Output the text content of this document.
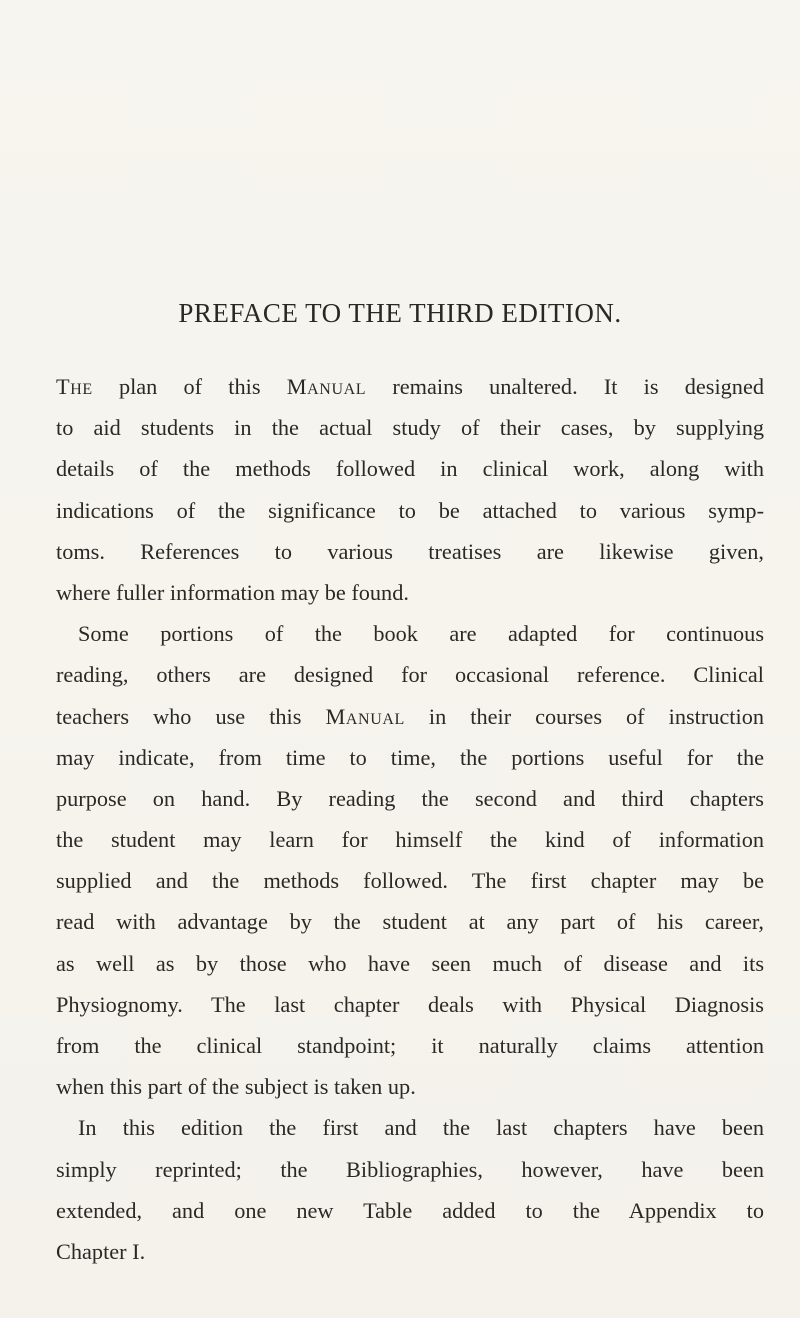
PREFACE TO THE THIRD EDITION.
The plan of this Manual remains unaltered. It is designed
to aid students in the actual study of their cases, by supplying
details of the methods followed in clinical work, along with
indications of the significance to be attached to various symp-
toms. References to various treatises are likewise given,
where fuller information may be found.
Some portions of the book are adapted for continuous
reading, others are designed for occasional reference. Clinical
teachers who use this Manual in their courses of instruction
may indicate, from time to time, the portions useful for the
purpose on hand. By reading the second and third chapters
the student may learn for himself the kind of information
supplied and the methods followed. The first chapter may be
read with advantage by the student at any part of his career,
as well as by those who have seen much of disease and its
Physiognomy. The last chapter deals with Physical Diagnosis
from the clinical standpoint; it naturally claims attention
when this part of the subject is taken up.
In this edition the first and the last chapters have been
simply reprinted; the Bibliographies, however, have been
extended, and one new Table added to the Appendix to
Chapter I.
